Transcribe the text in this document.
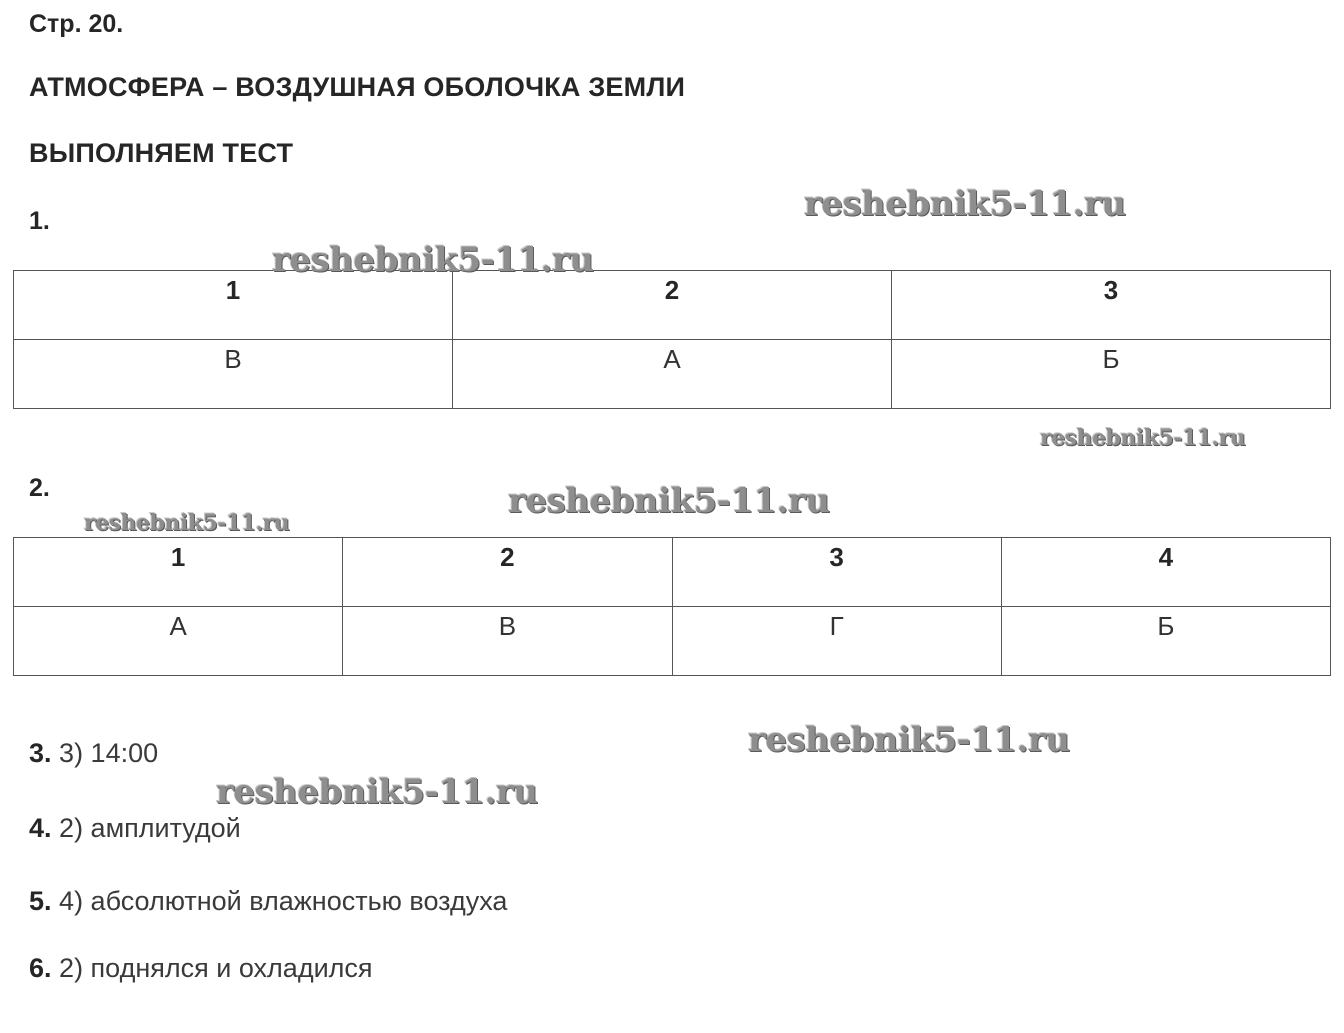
Стр. 20.
АТМОСФЕРА – ВОЗДУШНАЯ ОБОЛОЧКА ЗЕМЛИ
ВЫПОЛНЯЕМ ТЕСТ
1.
1	2	3
В	А	Б
2.
1	2	3	4
А	В	Г	Б
3. 3) 14:00
4. 2) амплитудой
5. 4) абсолютной влажностью воздуха
6. 2) поднялся и охладился
reshebnik5-11.ru
reshebnik5-11.ru
reshebnik5-11.ru
reshebnik5-11.ru
reshebnik5-11.ru
reshebnik5-11.ru
reshebnik5-11.ru
